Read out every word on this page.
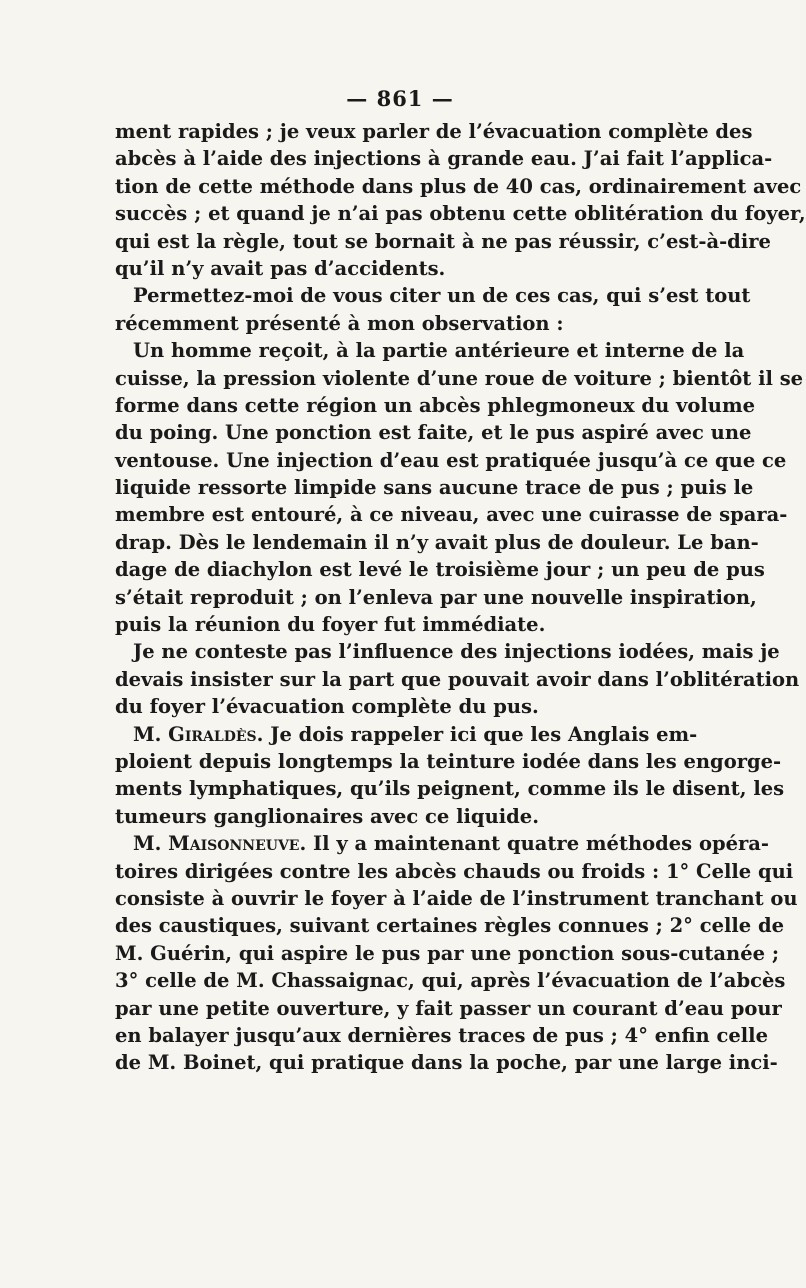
— 861 —
ment rapides ; je veux parler de l’évacuation complète des
abcès à l’aide des injections à grande eau. J’ai fait l’applica-
tion de cette méthode dans plus de 40 cas, ordinairement avec
succès ; et quand je n’ai pas obtenu cette oblitération du foyer,
qui est la règle, tout se bornait à ne pas réussir, c’est-à-dire
qu’il n’y avait pas d’accidents.
Permettez-moi de vous citer un de ces cas, qui s’est tout
récemment présenté à mon observation :
Un homme reçoit, à la partie antérieure et interne de la
cuisse, la pression violente d’une roue de voiture ; bientôt il se
forme dans cette région un abcès phlegmoneux du volume
du poing. Une ponction est faite, et le pus aspiré avec une
ventouse. Une injection d’eau est pratiquée jusqu’à ce que ce
liquide ressorte limpide sans aucune trace de pus ; puis le
membre est entouré, à ce niveau, avec une cuirasse de spara-
drap. Dès le lendemain il n’y avait plus de douleur. Le ban-
dage de diachylon est levé le troisième jour ; un peu de pus
s’était reproduit ; on l’enleva par une nouvelle inspiration,
puis la réunion du foyer fut immédiate.
Je ne conteste pas l’influence des injections iodées, mais je
devais insister sur la part que pouvait avoir dans l’oblitération
du foyer l’évacuation complète du pus.
M. Giraldès. Je dois rappeler ici que les Anglais em-
ploient depuis longtemps la teinture iodée dans les engorge-
ments lymphatiques, qu’ils peignent, comme ils le disent, les
tumeurs ganglionaires avec ce liquide.
M. Maisonneuve. Il y a maintenant quatre méthodes opéra-
toires dirigées contre les abcès chauds ou froids : 1° Celle qui
consiste à ouvrir le foyer à l’aide de l’instrument tranchant ou
des caustiques, suivant certaines règles connues ; 2° celle de
M. Guérin, qui aspire le pus par une ponction sous-cutanée ;
3° celle de M. Chassaignac, qui, après l’évacuation de l’abcès
par une petite ouverture, y fait passer un courant d’eau pour
en balayer jusqu’aux dernières traces de pus ; 4° enfin celle
de M. Boinet, qui pratique dans la poche, par une large inci-
